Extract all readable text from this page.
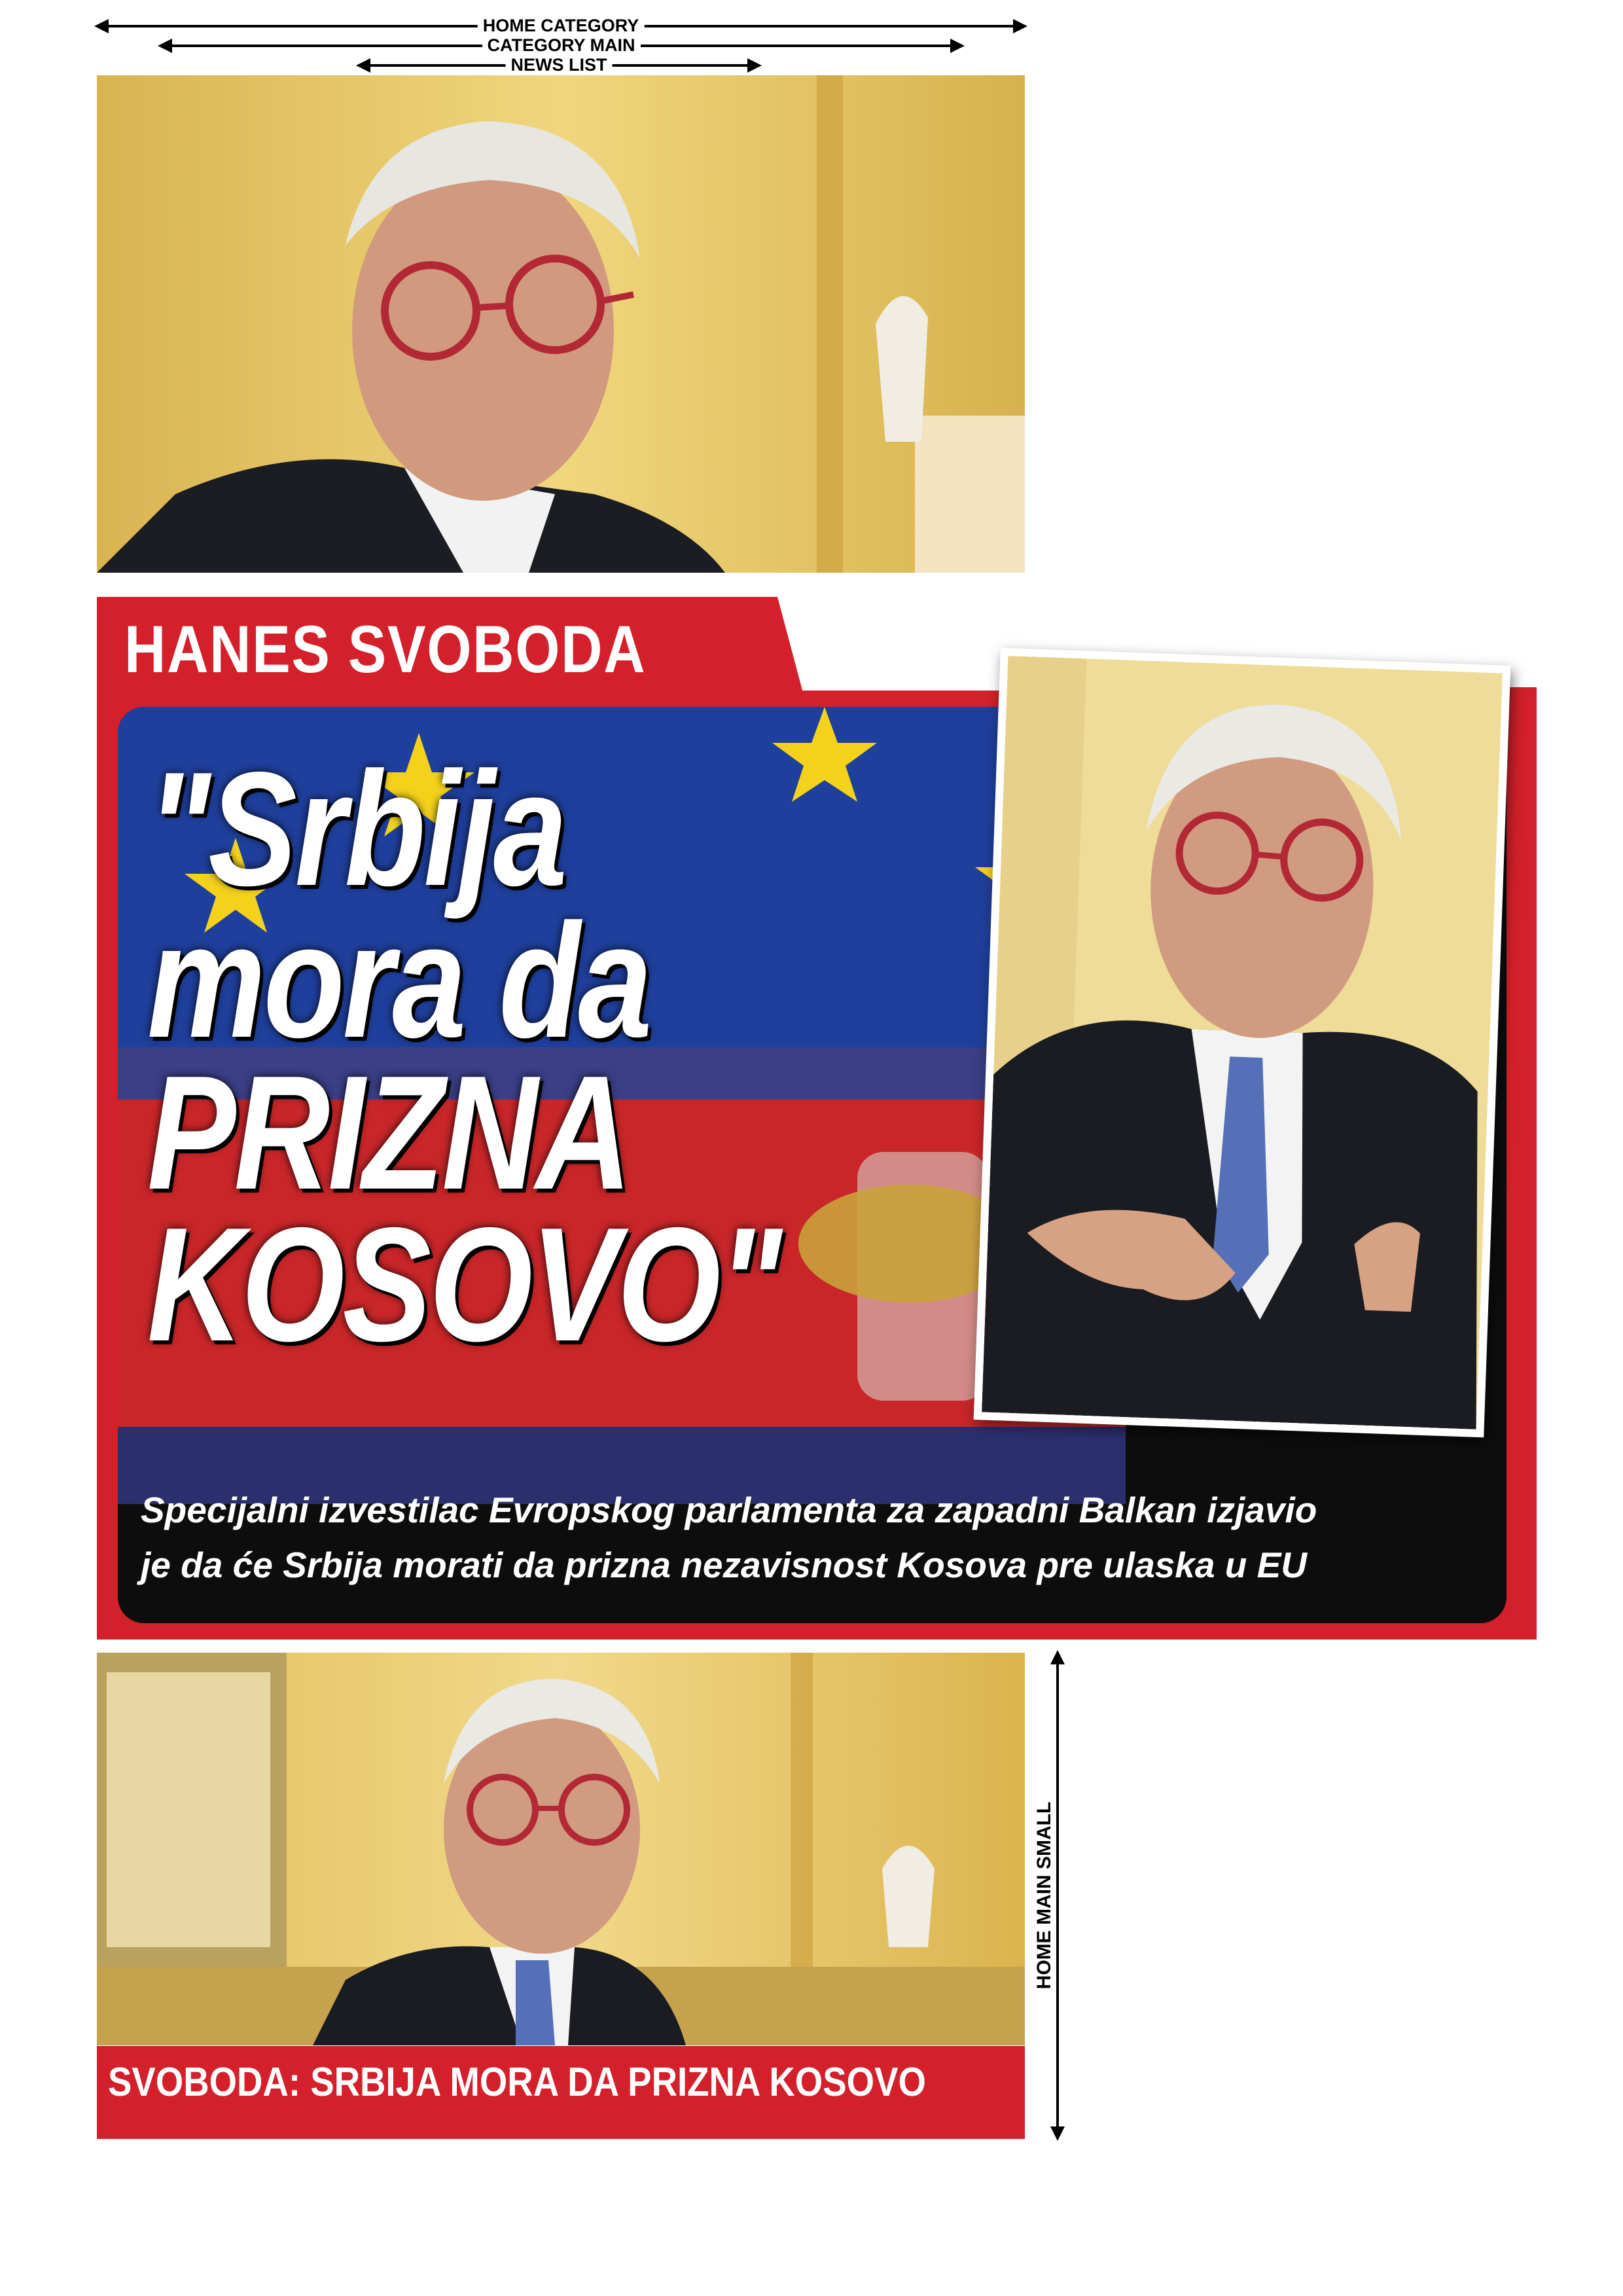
HOME CATEGORY
CATEGORY MAIN
NEWS LIST
HANES SVOBODA
"Srbija
mora da
PRIZNA
KOSOVO"
Specijalni izvestilac Evropskog parlamenta za zapadni Balkan izjavio
je da će Srbija morati da prizna nezavisnost Kosova pre ulaska u EU
SVOBODA: SRBIJA MORA DA PRIZNA KOSOVO
HOME MAIN SMALL
